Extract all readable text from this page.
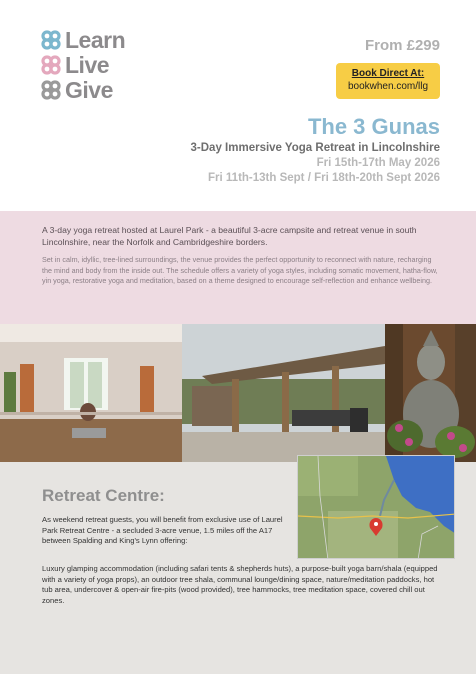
Learn
Live
Give
From £299
Book Direct At:
bookwhen.com/llg
The 3 Gunas
3-Day Immersive Yoga Retreat in Lincolnshire
Fri 15th-17th May 2026
Fri 11th-13th Sept / Fri 18th-20th Sept 2026

A 3-day yoga retreat hosted at Laurel Park - a beautiful 3-acre campsite and retreat venue in south Lincolnshire, near the Norfolk and Cambridgeshire borders.

Set in calm, idyllic, tree-lined surroundings, the venue provides the perfect opportunity to reconnect with nature, recharging the mind and body from the inside out. The schedule offers a variety of yoga styles, including somatic movement, hatha-flow, yin yoga, restorative yoga and meditation, based on a theme designed to encourage self-reflection and enhance wellbeing.

Retreat Centre:

As weekend retreat guests, you will benefit from exclusive use of Laurel Park Retreat Centre - a secluded 3-acre venue, 1.5 miles off the A17 between Spalding and King's Lynn offering:

Luxury glamping accommodation (including safari tents & shepherds huts), a purpose-built yoga barn/shala (equipped with a variety of yoga props), an outdoor tree shala, communal lounge/dining space, nature/meditation paddocks, hot tub area, undercover & open-air fire-pits (wood provided), tree hammocks, tree meditation space, covered chill out zones.
